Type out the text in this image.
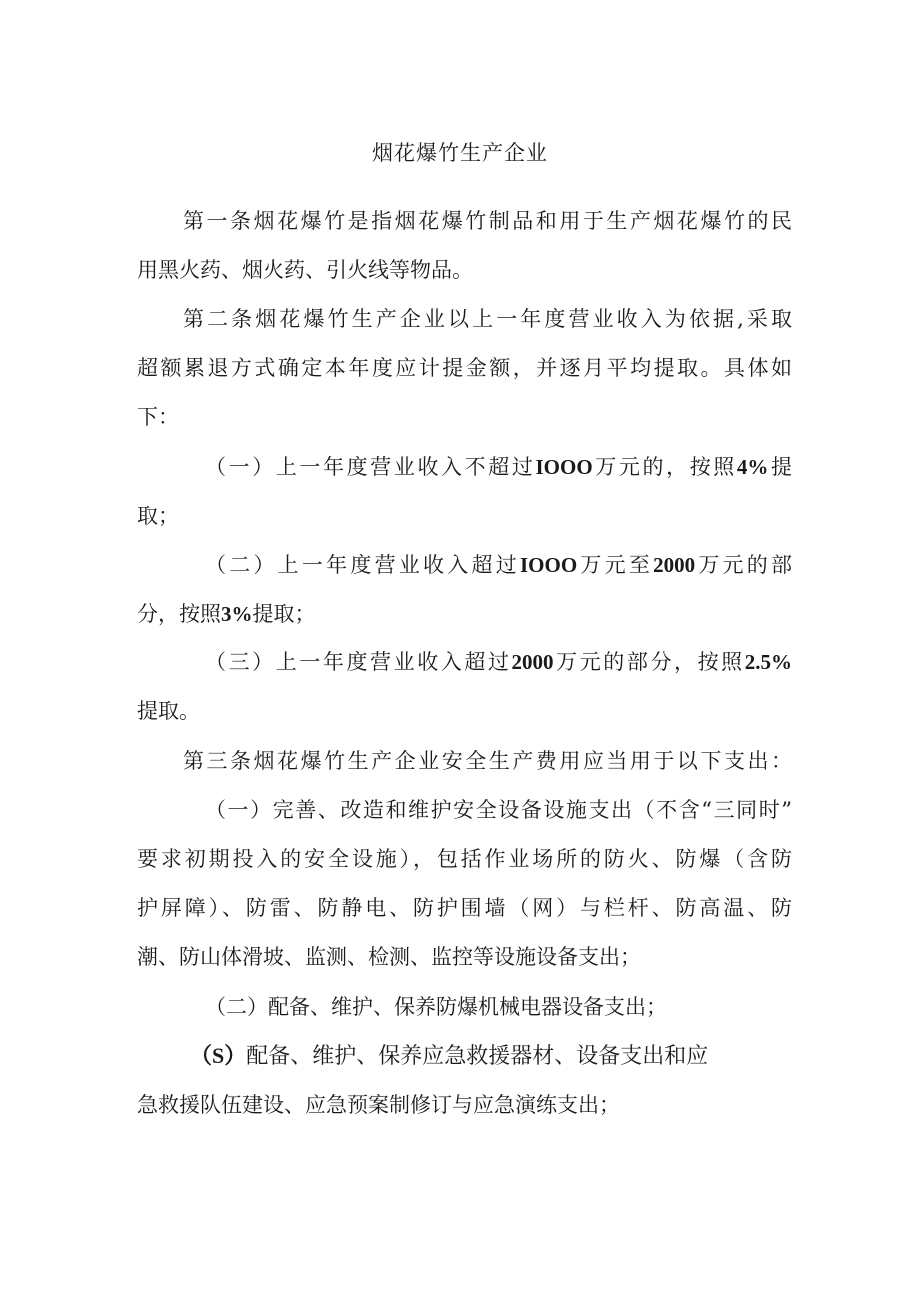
烟花爆竹生产企业
第一条烟花爆竹是指烟花爆竹制品和用于生产烟花爆竹的民
用黑火药、烟火药、引火线等物品。
第二条烟花爆竹生产企业以上一年度营业收入为依据,采取
超额累退方式确定本年度应计提金额，并逐月平均提取。具体如
下：
（一）上一年度营业收入不超过IOOO万元的，按照4%提
取；
（二）上一年度营业收入超过IOOO万元至2000万元的部
分，按照3%提取；
（三）上一年度营业收入超过2000万元的部分，按照2.5%
提取。
第三条烟花爆竹生产企业安全生产费用应当用于以下支出：
（一）完善、改造和维护安全设备设施支出（不含“三同时”
要求初期投入的安全设施），包括作业场所的防火、防爆（含防
护屏障）、防雷、防静电、防护围墙（网）与栏杆、防高温、防
潮、防山体滑坡、监测、检测、监控等设施设备支出；
（二）配备、维护、保养防爆机械电器设备支出；
（S）配备、维护、保养应急救援器材、设备支出和应
急救援队伍建设、应急预案制修订与应急演练支出；
